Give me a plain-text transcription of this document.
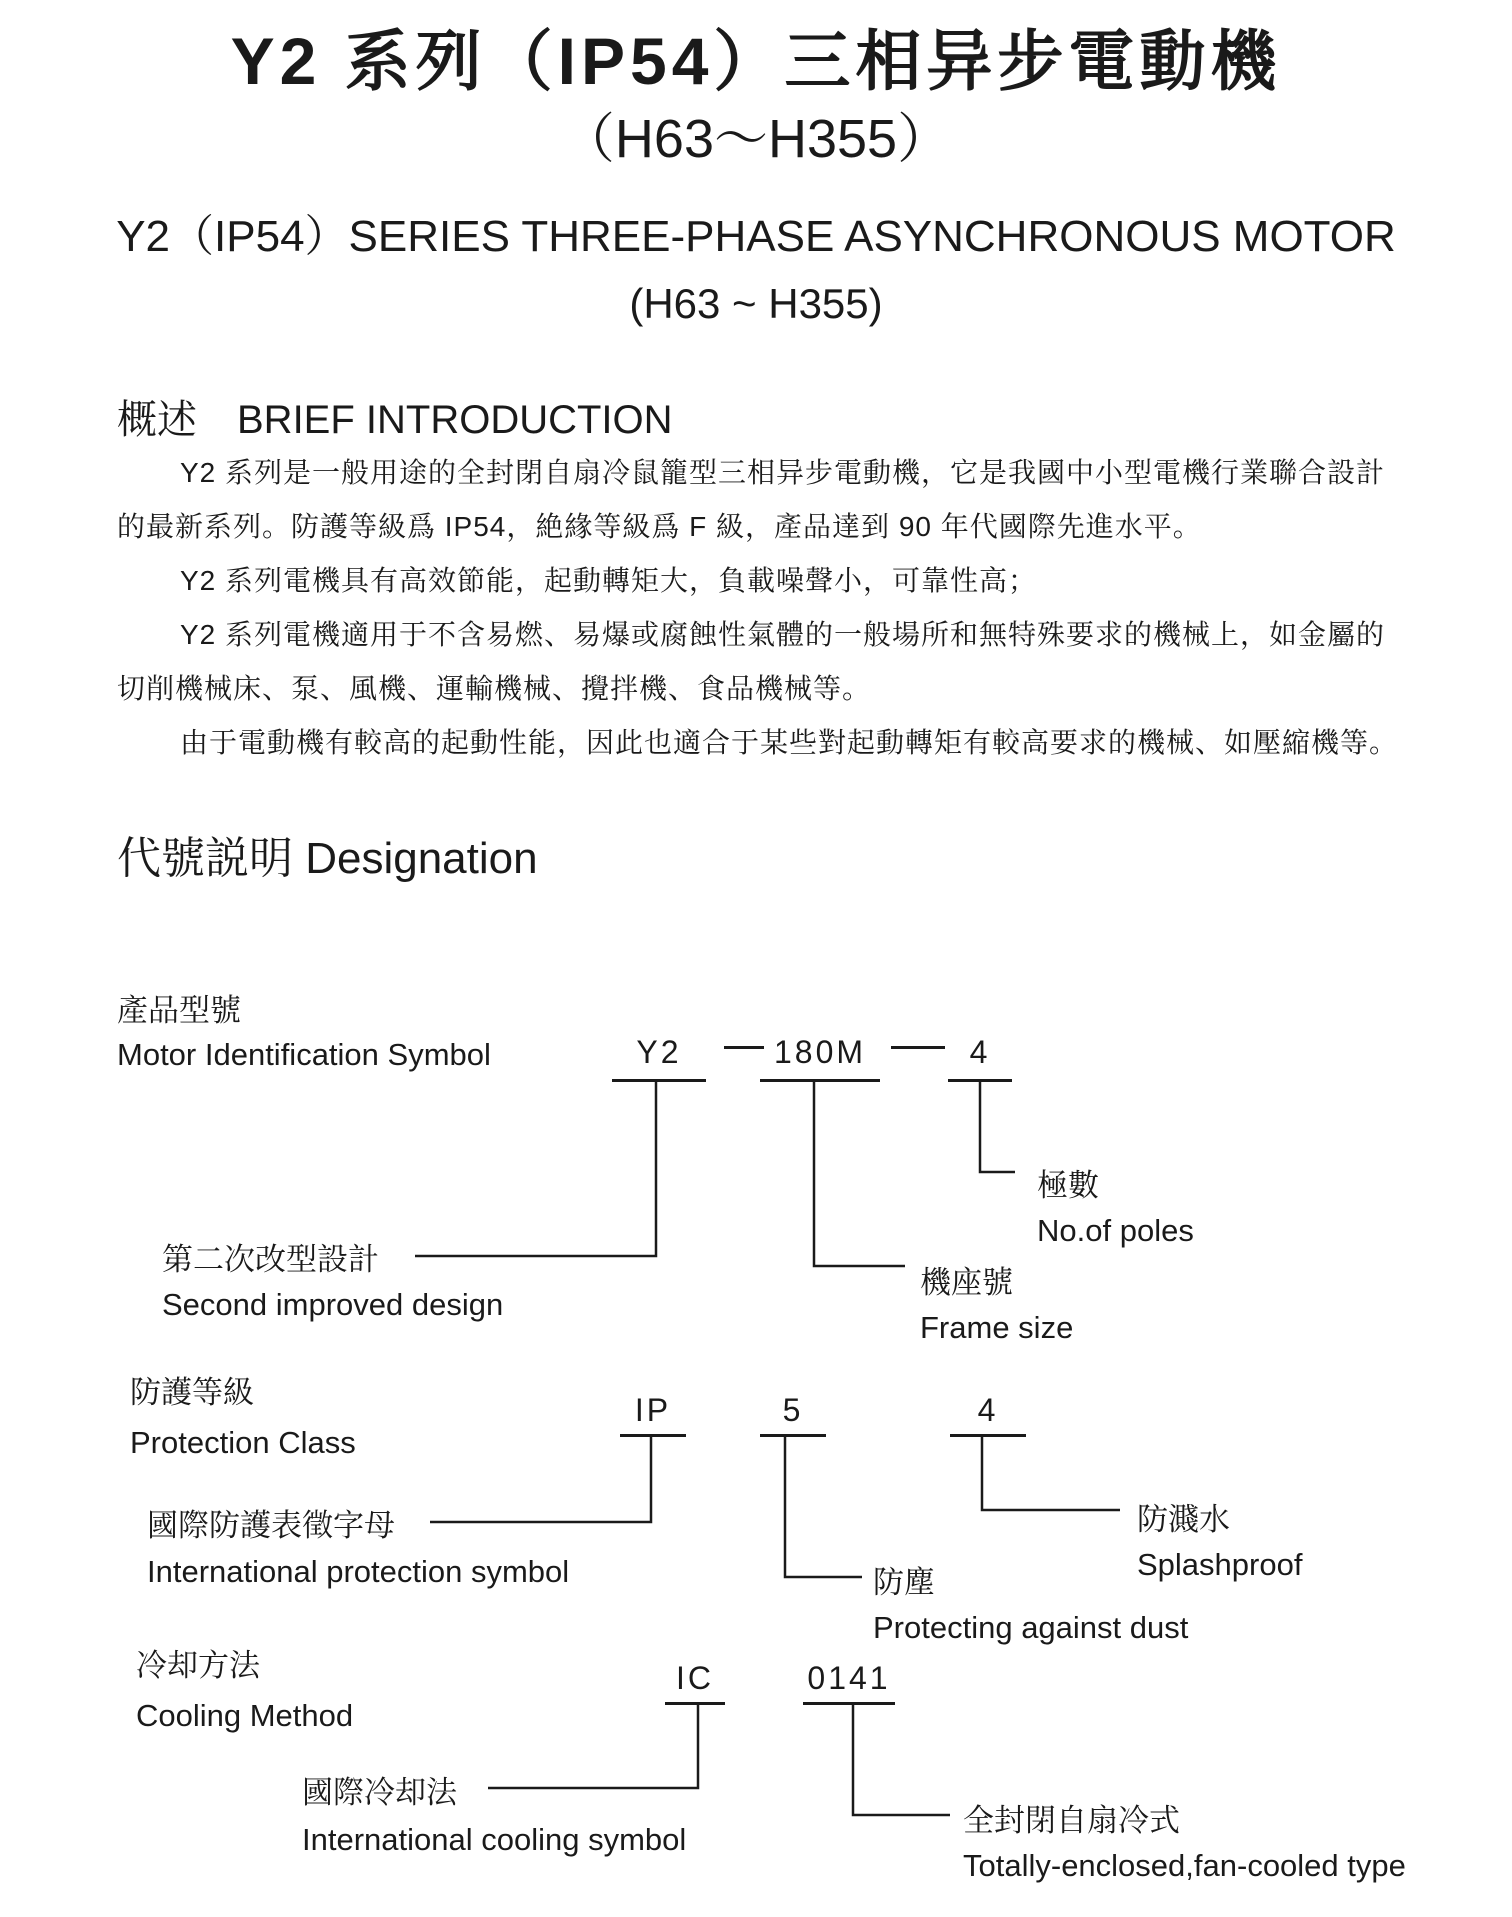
Y2 系列（IP54）三相异步電動機
（H63～H355）
Y2（IP54）SERIES THREE-PHASE ASYNCHRONOUS MOTOR
(H63 ~ H355)
概述　BRIEF INTRODUCTION
Y2 系列是一般用途的全封閉自扇冷鼠籠型三相异步電動機，它是我國中小型電機行業聯合設計
的最新系列。防護等級爲 IP54，絶緣等級爲 F 級，產品達到 90 年代國際先進水平。
Y2 系列電機具有高效節能，起動轉矩大，負載噪聲小，可靠性高；
Y2 系列電機適用于不含易燃、易爆或腐蝕性氣體的一般場所和無特殊要求的機械上，如金屬的
切削機械床、泵、風機、運輸機械、攪拌機、食品機械等。
由于電動機有較高的起動性能，因此也適合于某些對起動轉矩有較高要求的機械、如壓縮機等。
代號説明 Designation
產品型號
Motor Identification Symbol	Y2	180M	4
第二次改型設計
Second improved design
機座號
Frame size
極數
No.of poles
防護等級
Protection Class
IP	5	4
國際防護表徵字母
International protection symbol	防塵
Protecting against dust
防濺水
Splashproof
冷却方法
Cooling Method
IC	0141
國際冷却法
International cooling symbol
全封閉自扇冷式
Totally-enclosed,fan-cooled type
